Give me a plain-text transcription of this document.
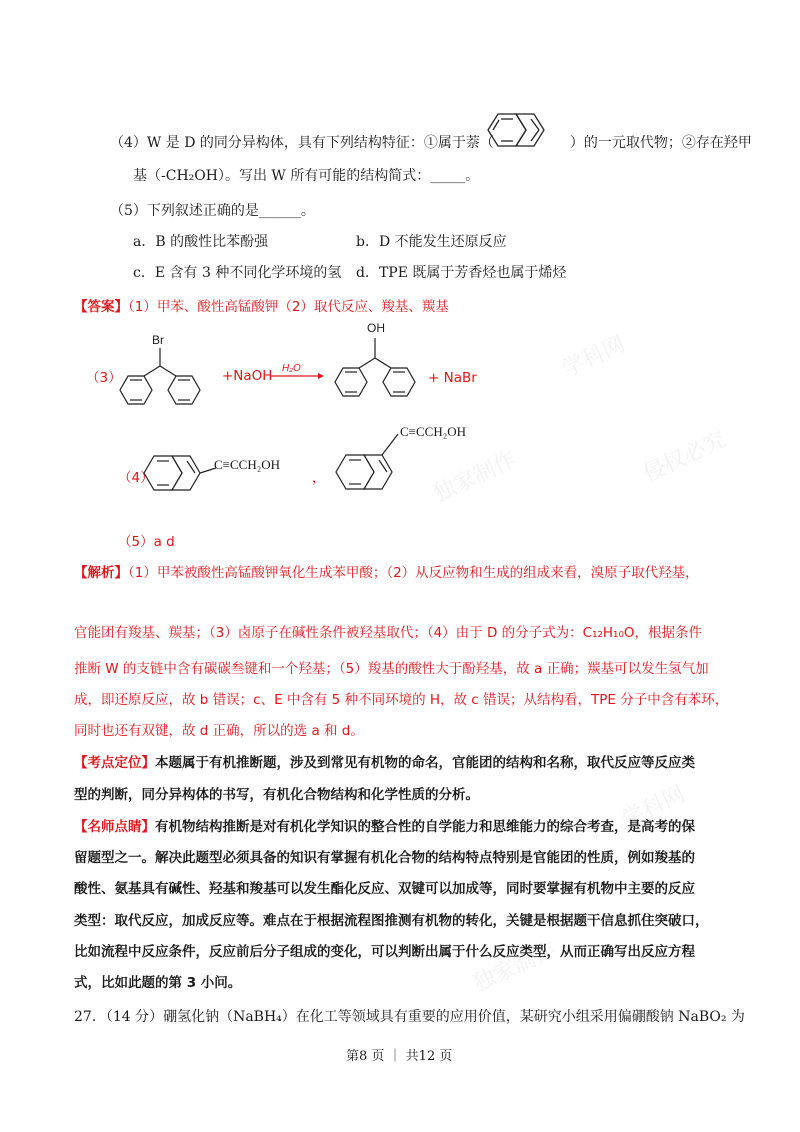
学科网
独家制作	侵权必究
学科网
独家制作
（4）W 是 D 的同分异构体，具有下列结构特征：①属于萘（	）的一元取代物；②存在羟甲
基（-CH₂OH）。写出 W 所有可能的结构简式：_____。
（5）下列叙述正确的是______。
a．B 的酸性比苯酚强	b．D 不能发生还原反应
c．E 含有 3 种不同化学环境的氢 d．TPE 既属于芳香烃也属于烯烃
【答案】（1）甲苯、酸性高锰酸钾（2）取代反应、羧基、羰基
（3）
Br
+NaOH H₂O
OH
+ NaBr
（4）
C≡CCH₂OH
，
C≡CCH₂OH
（5）a d
【解析】（1）甲苯被酸性高锰酸钾氧化生成苯甲酸；（2）从反应物和生成的组成来看，溴原子取代羟基，
官能团有羧基、羰基；（3）卤原子在碱性条件被羟基取代；（4）由于 D 的分子式为：C₁₂H₁₀O，根据条件
推断 W 的支链中含有碳碳叁键和一个羟基；（5）羧基的酸性大于酚羟基，故 a 正确；羰基可以发生氢气加
成，即还原反应，故 b 错误；c、E 中含有 5 种不同环境的 H，故 c 错误；从结构看，TPE 分子中含有苯环，
同时也还有双键，故 d 正确，所以的选 a 和 d。
【考点定位】本题属于有机推断题，涉及到常见有机物的命名，官能团的结构和名称，取代反应等反应类
型的判断，同分异构体的书写，有机化合物结构和化学性质的分析。
【名师点睛】有机物结构推断是对有机化学知识的整合性的自学能力和思维能力的综合考查，是高考的保
留题型之一。解决此题型必须具备的知识有掌握有机化合物的结构特点特别是官能团的性质，例如羧基的
酸性、氨基具有碱性、羟基和羧基可以发生酯化反应、双键可以加成等，同时要掌握有机物中主要的反应
类型：取代反应，加成反应等。难点在于根据流程图推测有机物的转化，关键是根据题干信息抓住突破口，
比如流程中反应条件，反应前后分子组成的变化，可以判断出属于什么反应类型，从而正确写出反应方程
式，比如此题的第 3 小问。
27．（14 分）硼氢化钠（NaBH₄）在化工等领域具有重要的应用价值，某研究小组采用偏硼酸钠 NaBO₂ 为
第8 页 ｜ 共12 页
